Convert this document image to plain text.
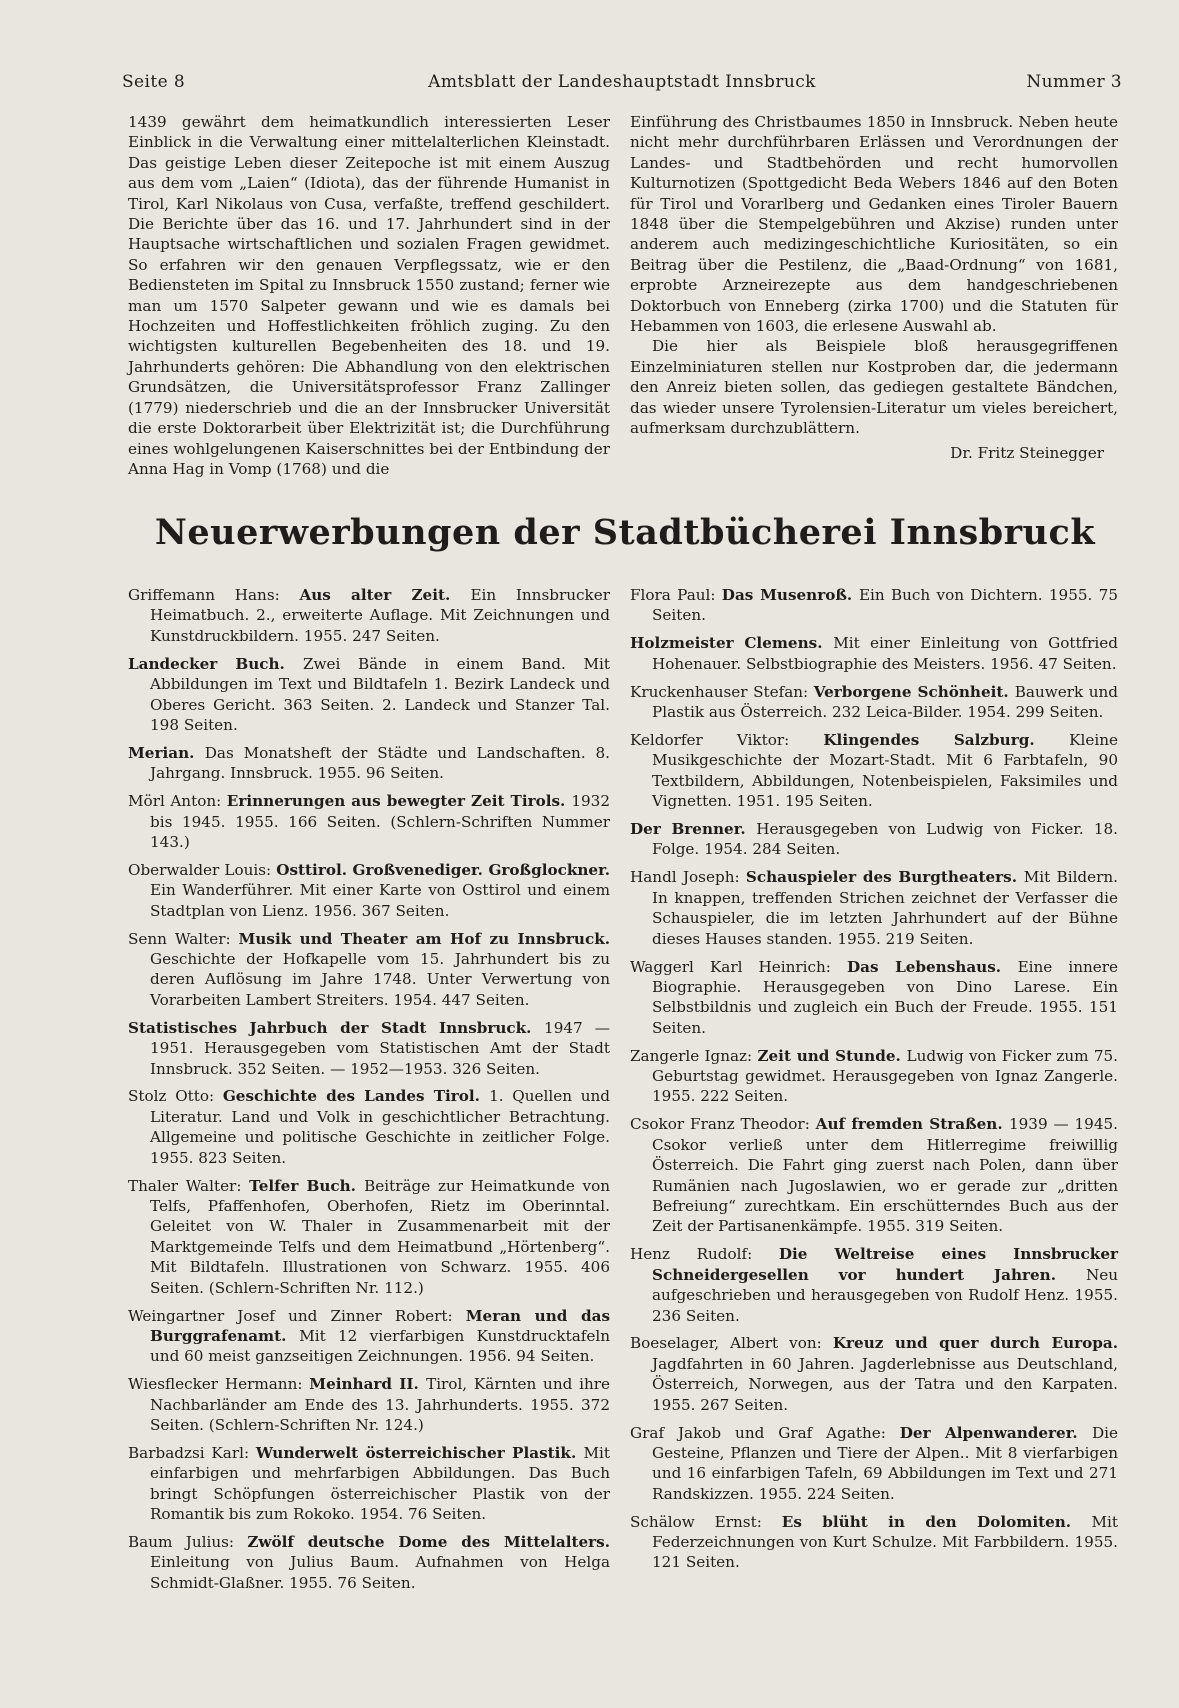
Seite 8	Amtsblatt der Landeshauptstadt Innsbruck	Nummer 3
1439 gewährt dem heimatkundlich interessierten Leser Einblick in die Verwaltung einer mittelalterlichen Kleinstadt. Das geistige Leben dieser Zeitepoche ist mit einem Auszug aus dem vom „Laien“ (Idiota), das der führende Humanist in Tirol, Karl Nikolaus von Cusa, verfaßte, treffend geschildert. Die Berichte über das 16. und 17. Jahrhundert sind in der Hauptsache wirtschaftlichen und sozialen Fragen gewidmet. So erfahren wir den genauen Verpflegssatz, wie er den Bediensteten im Spital zu Innsbruck 1550 zustand; ferner wie man um 1570 Salpeter gewann und wie es damals bei Hochzeiten und Hoffestlichkeiten fröhlich zuging. Zu den wichtigsten kulturellen Begebenheiten des 18. und 19. Jahrhunderts gehören: Die Abhandlung von den elektrischen Grundsätzen, die Universitätsprofessor Franz Zallinger (1779) niederschrieb und die an der Innsbrucker Universität die erste Doktorarbeit über Elektrizität ist; die Durchführung eines wohlgelungenen Kaiserschnittes bei der Entbindung der Anna Hag in Vomp (1768) und die
Einführung des Christbaumes 1850 in Innsbruck. Neben heute nicht mehr durchführbaren Erlässen und Verordnungen der Landes- und Stadtbehörden und recht humorvollen Kulturnotizen (Spottgedicht Beda Webers 1846 auf den Boten für Tirol und Vorarlberg und Gedanken eines Tiroler Bauern 1848 über die Stempelgebühren und Akzise) runden unter anderem auch medizingeschichtliche Kuriositäten, so ein Beitrag über die Pestilenz, die „Baad-Ordnung“ von 1681, erprobte Arzneirezepte aus dem handgeschriebenen Doktorbuch von Enneberg (zirka 1700) und die Statuten für Hebammen von 1603, die erlesene Auswahl ab.
Die hier als Beispiele bloß herausgegriffenen Einzelminiaturen stellen nur Kostproben dar, die jedermann den Anreiz bieten sollen, das gediegen gestaltete Bändchen, das wieder unsere Tyrolensien-Literatur um vieles bereichert, aufmerksam durchzublättern.
Dr. Fritz Steinegger
Neuerwerbungen der Stadtbücherei Innsbruck

Griffemann Hans: Aus alter Zeit. Ein Innsbrucker Heimatbuch. 2., erweiterte Auflage. Mit Zeichnungen und Kunstdruckbildern. 1955. 247 Seiten.

Landecker Buch. Zwei Bände in einem Band. Mit Abbildungen im Text und Bildtafeln 1. Bezirk Landeck und Oberes Gericht. 363 Seiten. 2. Landeck und Stanzer Tal. 198 Seiten.

Merian. Das Monatsheft der Städte und Landschaften. 8. Jahrgang. Innsbruck. 1955. 96 Seiten.

Mörl Anton: Erinnerungen aus bewegter Zeit Tirols. 1932 bis 1945. 1955. 166 Seiten. (Schlern-Schriften Nummer 143.)

Oberwalder Louis: Osttirol. Großvenediger. Großglockner. Ein Wanderführer. Mit einer Karte von Osttirol und einem Stadtplan von Lienz. 1956. 367 Seiten.

Senn Walter: Musik und Theater am Hof zu Innsbruck. Geschichte der Hofkapelle vom 15. Jahrhundert bis zu deren Auflösung im Jahre 1748. Unter Verwertung von Vorarbeiten Lambert Streiters. 1954. 447 Seiten.

Statistisches Jahrbuch der Stadt Innsbruck. 1947 — 1951. Herausgegeben vom Statistischen Amt der Stadt Innsbruck. 352 Seiten. — 1952—1953. 326 Seiten.

Stolz Otto: Geschichte des Landes Tirol. 1. Quellen und Literatur. Land und Volk in geschichtlicher Betrachtung. Allgemeine und politische Geschichte in zeitlicher Folge. 1955. 823 Seiten.

Thaler Walter: Telfer Buch. Beiträge zur Heimatkunde von Telfs, Pfaffenhofen, Oberhofen, Rietz im Oberinntal. Geleitet von W. Thaler in Zusammenarbeit mit der Marktgemeinde Telfs und dem Heimatbund „Hörtenberg“. Mit Bildtafeln. Illustrationen von Schwarz. 1955. 406 Seiten. (Schlern-Schriften Nr. 112.)

Weingartner Josef und Zinner Robert: Meran und das Burggrafenamt. Mit 12 vierfarbigen Kunstdrucktafeln und 60 meist ganzseitigen Zeichnungen. 1956. 94 Seiten.

Wiesflecker Hermann: Meinhard II. Tirol, Kärnten und ihre Nachbarländer am Ende des 13. Jahrhunderts. 1955. 372 Seiten. (Schlern-Schriften Nr. 124.)

Barbadzsi Karl: Wunderwelt österreichischer Plastik. Mit einfarbigen und mehrfarbigen Abbildungen. Das Buch bringt Schöpfungen österreichischer Plastik von der Romantik bis zum Rokoko. 1954. 76 Seiten.

Baum Julius: Zwölf deutsche Dome des Mittelalters. Einleitung von Julius Baum. Aufnahmen von Helga Schmidt-Glaßner. 1955. 76 Seiten.

Flora Paul: Das Musenroß. Ein Buch von Dichtern. 1955. 75 Seiten.

Holzmeister Clemens. Mit einer Einleitung von Gottfried Hohenauer. Selbstbiographie des Meisters. 1956. 47 Seiten.

Kruckenhauser Stefan: Verborgene Schönheit. Bauwerk und Plastik aus Österreich. 232 Leica-Bilder. 1954. 299 Seiten.

Keldorfer Viktor: Klingendes Salzburg. Kleine Musikgeschichte der Mozart-Stadt. Mit 6 Farbtafeln, 90 Textbildern, Abbildungen, Notenbeispielen, Faksimiles und Vignetten. 1951. 195 Seiten.

Der Brenner. Herausgegeben von Ludwig von Ficker. 18. Folge. 1954. 284 Seiten.

Handl Joseph: Schauspieler des Burgtheaters. Mit Bildern. In knappen, treffenden Strichen zeichnet der Verfasser die Schauspieler, die im letzten Jahrhundert auf der Bühne dieses Hauses standen. 1955. 219 Seiten.

Waggerl Karl Heinrich: Das Lebenshaus. Eine innere Biographie. Herausgegeben von Dino Larese. Ein Selbstbildnis und zugleich ein Buch der Freude. 1955. 151 Seiten.

Zangerle Ignaz: Zeit und Stunde. Ludwig von Ficker zum 75. Geburtstag gewidmet. Herausgegeben von Ignaz Zangerle. 1955. 222 Seiten.

Csokor Franz Theodor: Auf fremden Straßen. 1939 — 1945. Csokor verließ unter dem Hitlerregime freiwillig Österreich. Die Fahrt ging zuerst nach Polen, dann über Rumänien nach Jugoslawien, wo er gerade zur „dritten Befreiung“ zurechtkam. Ein erschütterndes Buch aus der Zeit der Partisanenkämpfe. 1955. 319 Seiten.

Henz Rudolf: Die Weltreise eines Innsbrucker Schneidergesellen vor hundert Jahren. Neu aufgeschrieben und herausgegeben von Rudolf Henz. 1955. 236 Seiten.

Boeselager, Albert von: Kreuz und quer durch Europa. Jagdfahrten in 60 Jahren. Jagderlebnisse aus Deutschland, Österreich, Norwegen, aus der Tatra und den Karpaten. 1955. 267 Seiten.

Graf Jakob und Graf Agathe: Der Alpenwanderer. Die Gesteine, Pflanzen und Tiere der Alpen.. Mit 8 vierfarbigen und 16 einfarbigen Tafeln, 69 Abbildungen im Text und 271 Randskizzen. 1955. 224 Seiten.

Schälow Ernst: Es blüht in den Dolomiten. Mit Federzeichnungen von Kurt Schulze. Mit Farbbildern. 1955. 121 Seiten.
